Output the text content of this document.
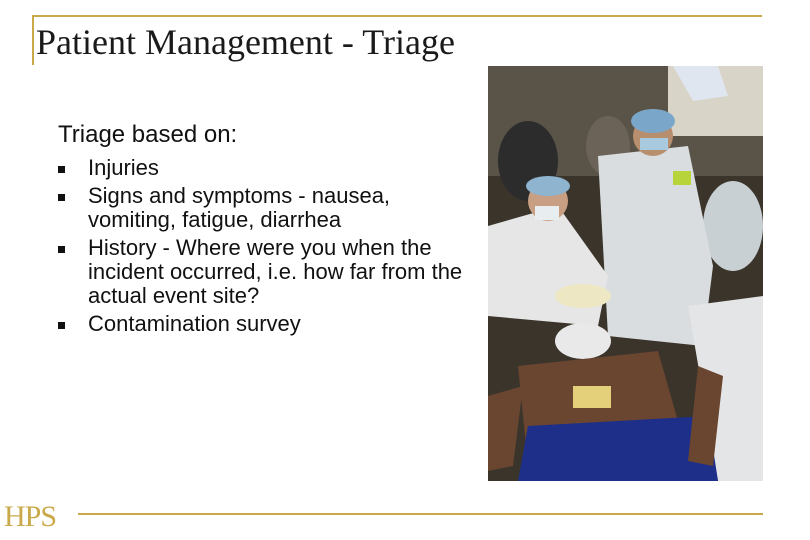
Patient Management - Triage
Triage based on:
Injuries
Signs and symptoms - nausea, vomiting, fatigue, diarrhea
History - Where were you when the incident occurred, i.e. how far from the actual event site?
Contamination survey
HPS
